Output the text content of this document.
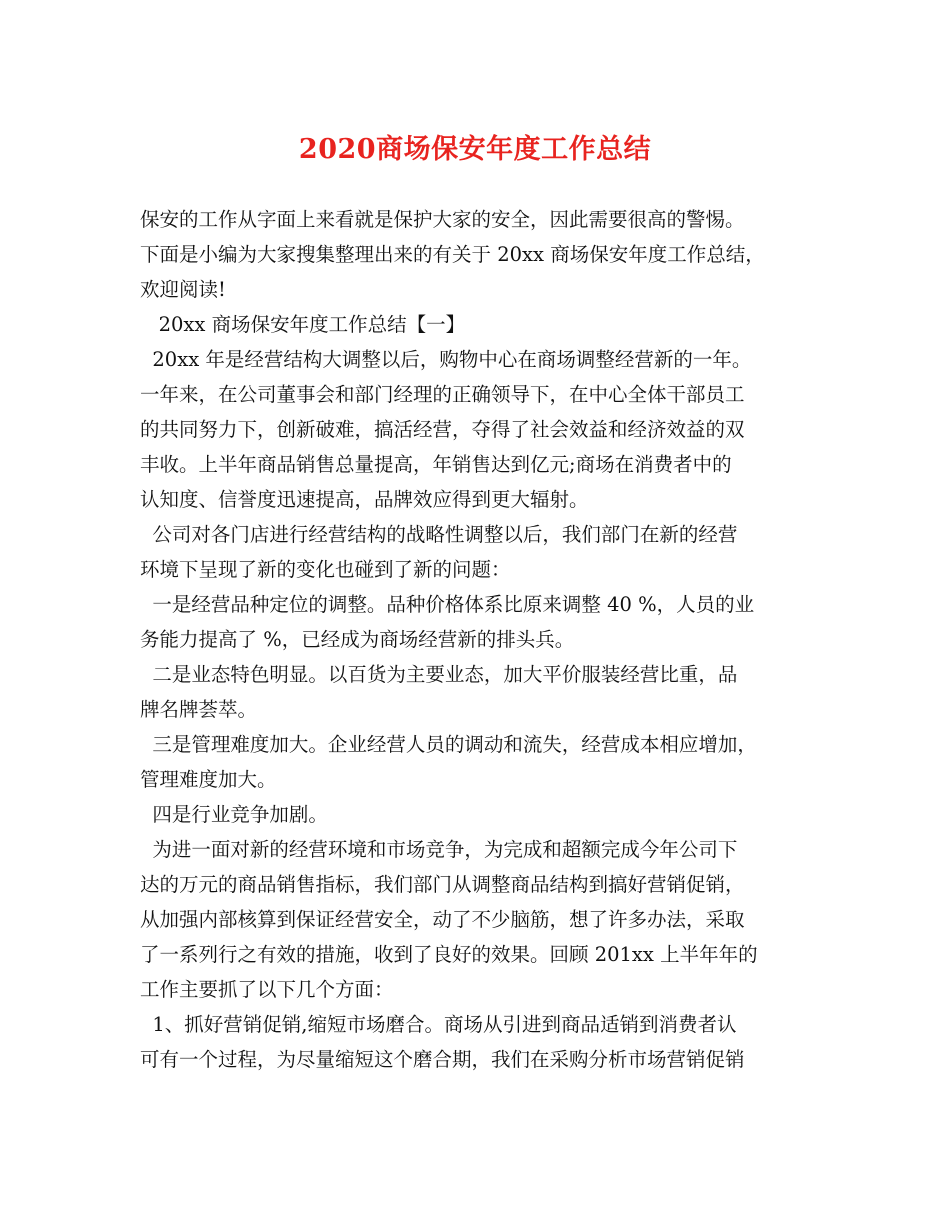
2020商场保安年度工作总结
保安的工作从字面上来看就是保护大家的安全，因此需要很高的警惕。
下面是小编为大家搜集整理出来的有关于 20xx 商场保安年度工作总结，
欢迎阅读!
20xx 商场保安年度工作总结【一】
20xx 年是经营结构大调整以后，购物中心在商场调整经营新的一年。
一年来，在公司董事会和部门经理的正确领导下，在中心全体干部员工
的共同努力下，创新破难，搞活经营，夺得了社会效益和经济效益的双
丰收。上半年商品销售总量提高，年销售达到亿元;商场在消费者中的
认知度、信誉度迅速提高，品牌效应得到更大辐射。
公司对各门店进行经营结构的战略性调整以后，我们部门在新的经营
环境下呈现了新的变化也碰到了新的问题：
一是经营品种定位的调整。品种价格体系比原来调整 40 %，人员的业
务能力提高了 %，已经成为商场经营新的排头兵。
二是业态特色明显。以百货为主要业态，加大平价服装经营比重，品
牌名牌荟萃。
三是管理难度加大。企业经营人员的调动和流失，经营成本相应增加，
管理难度加大。
四是行业竞争加剧。
为进一面对新的经营环境和市场竞争，为完成和超额完成今年公司下
达的万元的商品销售指标，我们部门从调整商品结构到搞好营销促销，
从加强内部核算到保证经营安全，动了不少脑筋，想了许多办法，采取
了一系列行之有效的措施，收到了良好的效果。回顾 201xx 上半年年的
工作主要抓了以下几个方面：
1、抓好营销促销,缩短市场磨合。商场从引进到商品适销到消费者认
可有一个过程，为尽量缩短这个磨合期，我们在采购分析市场营销促销
